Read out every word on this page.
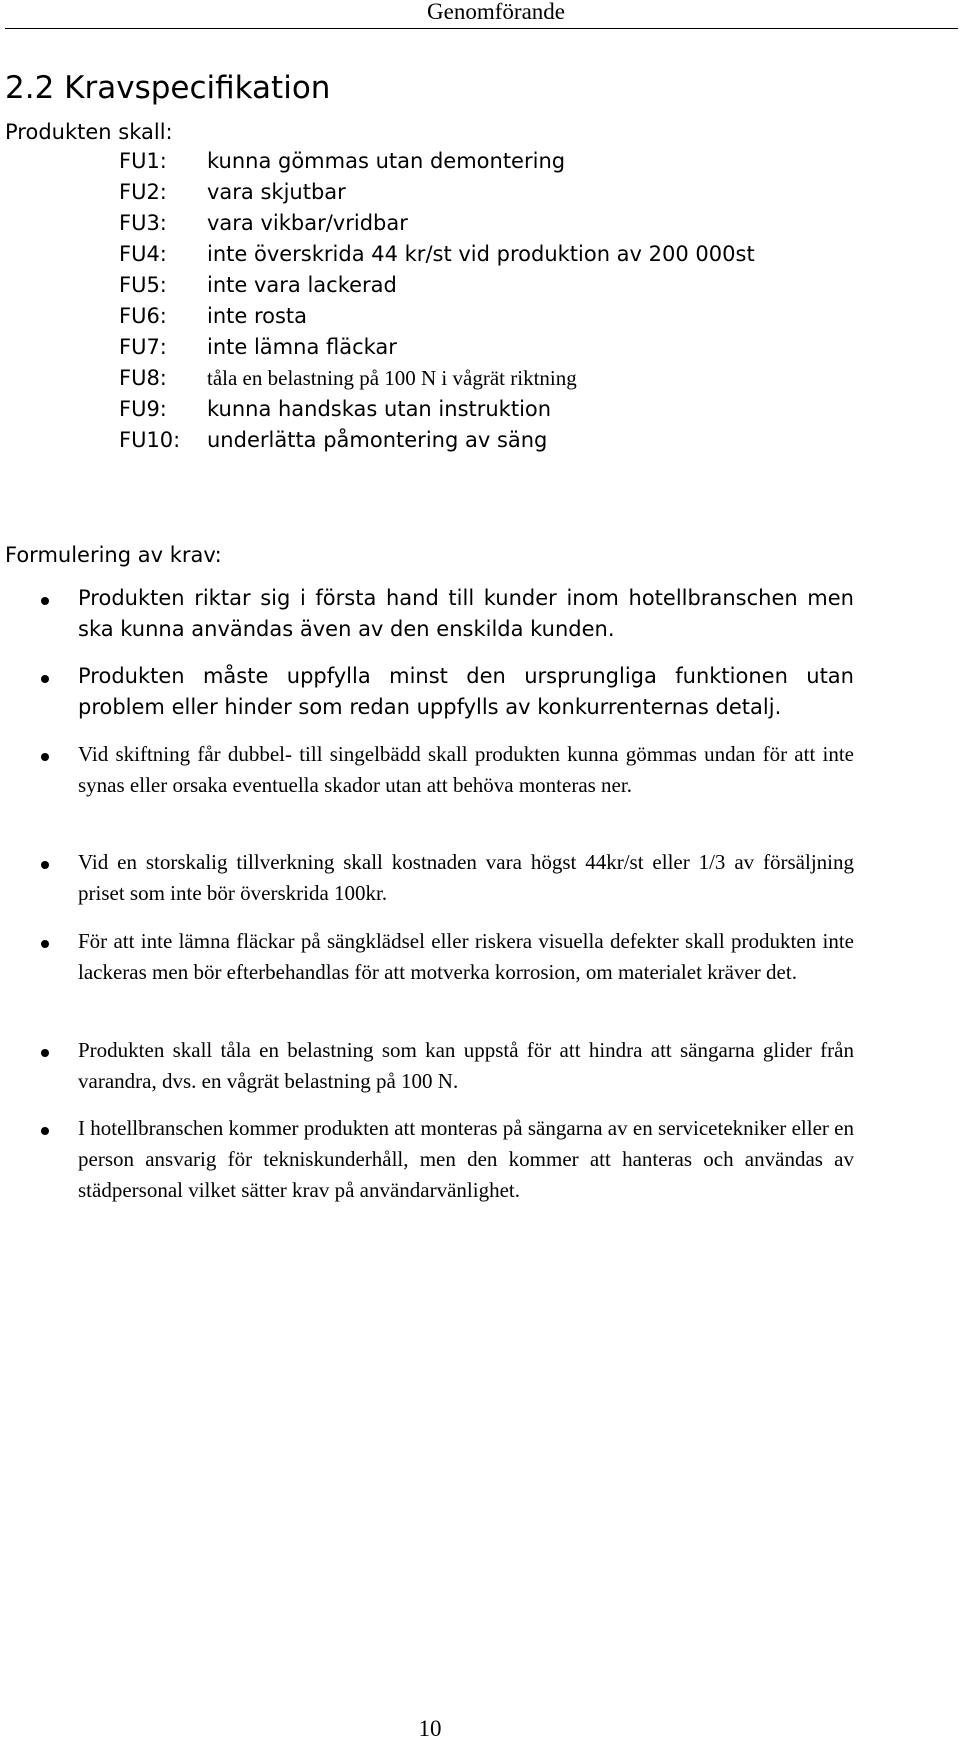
Genomförande
2.2 Kravspecifikation
Produkten skall:
FU1: kunna gömmas utan demontering
FU2: vara skjutbar
FU3: vara vikbar/vridbar
FU4: inte överskrida 44 kr/st vid produktion av 200 000st
FU5: inte vara lackerad
FU6: inte rosta
FU7: inte lämna fläckar
FU8: tåla en belastning på 100 N i vågrät riktning
FU9: kunna handskas utan instruktion
FU10: underlätta påmontering av säng
Formulering av krav:

Produkten riktar sig i första hand till kunder inom hotellbranschen men ska kunna användas även av den enskilda kunden.

Produkten måste uppfylla minst den ursprungliga funktionen utan problem eller hinder som redan uppfylls av konkurrenternas detalj.

Vid skiftning får dubbel- till singelbädd skall produkten kunna gömmas undan för att inte synas eller orsaka eventuella skador utan att behöva monteras ner.

Vid en storskalig tillverkning skall kostnaden vara högst 44kr/st eller 1/3 av försäljning priset som inte bör överskrida 100kr.

För att inte lämna fläckar på sängklädsel eller riskera visuella defekter skall produkten inte lackeras men bör efterbehandlas för att motverka korrosion, om materialet kräver det.

Produkten skall tåla en belastning som kan uppstå för att hindra att sängarna glider från varandra, dvs. en vågrät belastning på 100 N.

I hotellbranschen kommer produkten att monteras på sängarna av en servicetekniker eller en person ansvarig för tekniskunderhåll, men den kommer att hanteras och användas av städpersonal vilket sätter krav på användarvänlighet.

10
